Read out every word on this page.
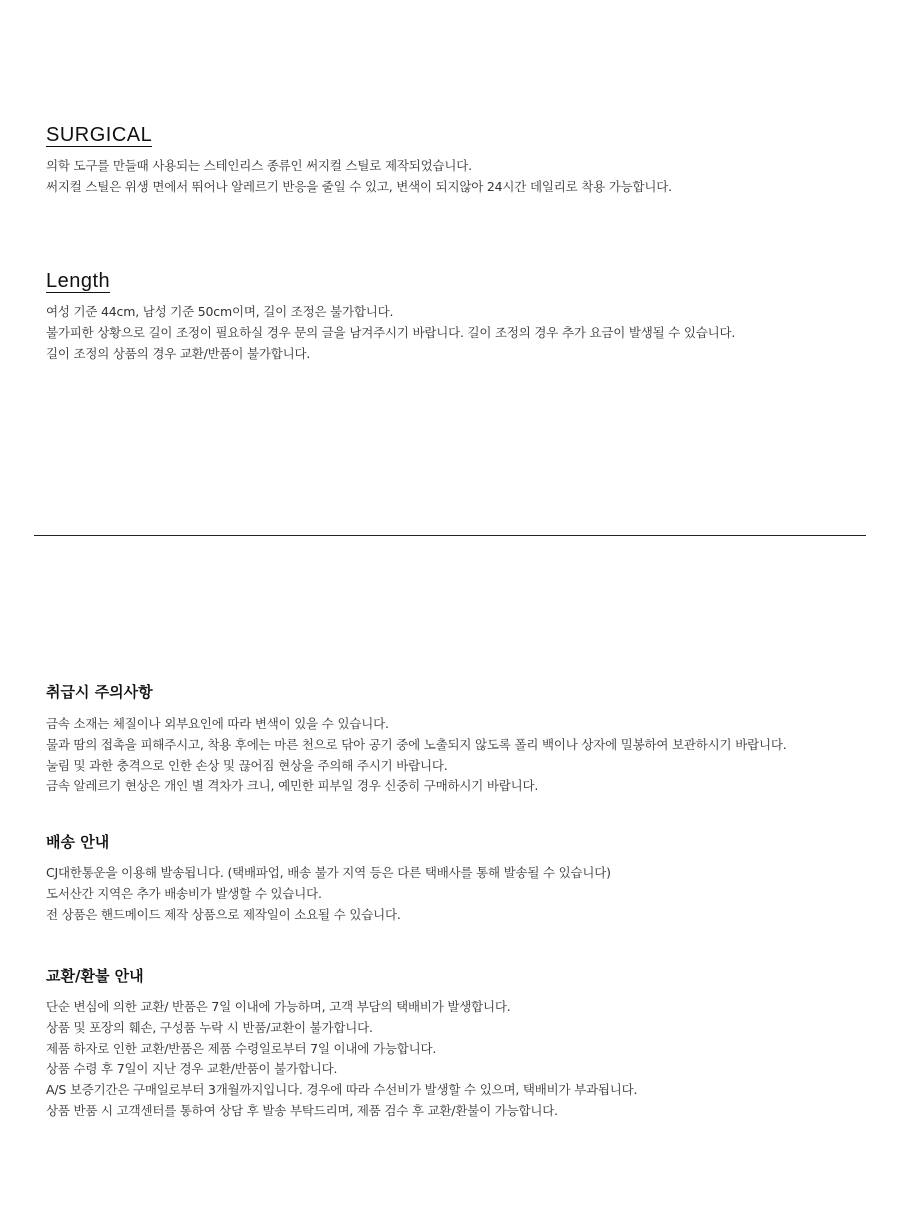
SURGICAL
의학 도구를 만들때 사용되는 스테인리스 종류인 써지컬 스틸로 제작되었습니다.
써지컬 스틸은 위생 면에서 뛰어나 알레르기 반응을 줄일 수 있고, 변색이 되지않아 24시간 데일리로 착용 가능합니다.
Length
여성 기준 44cm, 남성 기준 50cm이며, 길이 조정은 불가합니다.
불가피한 상황으로 길이 조정이 필요하실 경우 문의 글을 남겨주시기 바랍니다. 길이 조정의 경우 추가 요금이 발생될 수 있습니다.
길이 조정의 상품의 경우 교환/반품이 불가합니다.
취급시 주의사항
금속 소재는 체질이나 외부요인에 따라 변색이 있을 수 있습니다.
물과 땀의 접촉을 피해주시고, 착용 후에는 마른 천으로 닦아 공기 중에 노출되지 않도록 폴리 백이나 상자에 밀봉하여 보관하시기 바랍니다.
눌림 및 과한 충격으로 인한 손상 및 끊어짐 현상을 주의해 주시기 바랍니다.
금속 알레르기 현상은 개인 별 격차가 크니, 예민한 피부일 경우 신중히 구매하시기 바랍니다.
배송 안내
CJ대한통운을 이용해 발송됩니다. (택배파업, 배송 불가 지역 등은 다른 택배사를 통해 발송될 수 있습니다)
도서산간 지역은 추가 배송비가 발생할 수 있습니다.
전 상품은 핸드메이드 제작 상품으로 제작일이 소요될 수 있습니다.
교환/환불 안내
단순 변심에 의한 교환/ 반품은 7일 이내에 가능하며, 고객 부담의 택배비가 발생합니다.
상품 및 포장의 훼손, 구성품 누락 시 반품/교환이 불가합니다.
제품 하자로 인한 교환/반품은 제품 수령일로부터 7일 이내에 가능합니다.
상품 수령 후 7일이 지난 경우 교환/반품이 불가합니다.
A/S 보증기간은 구매일로부터 3개월까지입니다. 경우에 따라 수선비가 발생할 수 있으며, 택배비가 부과됩니다.
상품 반품 시 고객센터를 통하여 상담 후 발송 부탁드리며, 제품 검수 후 교환/환불이 가능합니다.
